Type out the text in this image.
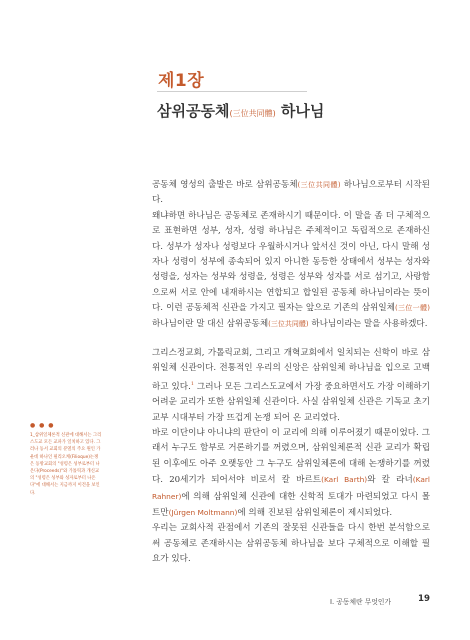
제1장
삼위공동체(三位共同體) 하나님

공동체 영성의 출발은 바로 삼위공동체(三位共同體) 하나님으로부터 시작된다.

왜냐하면 하나님은 공동체로 존재하시기 때문이다. 이 말을 좀 더 구체적으로 표현하면 성부, 성자, 성령 하나님은 주체적이고 독립적으로 존재하신다. 성부가 성자나 성령보다 우월하시거나 앞서신 것이 아닌, 다시 말해 성자나 성령이 성부에 종속되어 있지 아니한 동등한 상태에서 성부는 성자와 성령을, 성자는 성부와 성령을, 성령은 성부와 성자를 서로 섬기고, 사랑함으로써 서로 안에 내재하시는 연합되고 합일된 공동체 하나님이라는 뜻이다. 이런 공동체적 신관을 가지고 필자는 앞으로 기존의 삼위일체(三位一體) 하나님이란 말 대신 삼위공동체(三位共同體) 하나님이라는 말을 사용하겠다.

그리스정교회, 가톨릭교회, 그리고 개혁교회에서 일치되는 신학이 바로 삼위일체 신관이다. 전통적인 우리의 신앙은 삼위일체 하나님을 입으로 고백하고 있다.$^1$ 그러나 모든 그리스도교에서 가장 중요하면서도 가장 이해하기 어려운 교리가 또한 삼위일체 신관이다. 사실 삼위일체 신관은 기독교 초기 교부 시대부터 가장 뜨겁게 논쟁 되어 온 교리였다.

바로 이단이냐 아니냐의 판단이 이 교리에 의해 이루어졌기 때문이었다. 그래서 누구도 함부로 거론하기를 꺼렸으며, 삼위일체론적 신관 교리가 확립된 이후에도 아주 오랫동안 그 누구도 삼위일체론에 대해 논쟁하기를 꺼렸다. 20세기가 되어서야 비로서 칼 바르트(Karl Barth)와 칼 라너(Karl Rahner)에 의해 삼위일체 신관에 대한 신학적 토대가 마련되었고 다시 몰트만(Jürgen Moltmann)에 의해 진보된 삼위일체론이 제시되었다.

우리는 교회사적 관점에서 기존의 잘못된 신관들을 다시 한번 분석함으로써 공동체로 존재하시는 삼위공동체 하나님을 보다 구체적으로 이해할 필요가 있다.

● ● ●
1_삼위일체론적 신관에 대해서는 그리스도교 모든 교파가 일치하고 있다. 그러나 동서 교회의 분열의 주요 원인 가운데 하나인 필리오케(Filioque)논쟁은 동방교회의 "성령은 성부로부터 나온다(Proceeds)"와 가톨릭과 개신교의 "성령은 성부와 성자로부터 나온다"에 대해서는 지금까지 이견을 보인다.
I. 공동체란 무엇인가	19
